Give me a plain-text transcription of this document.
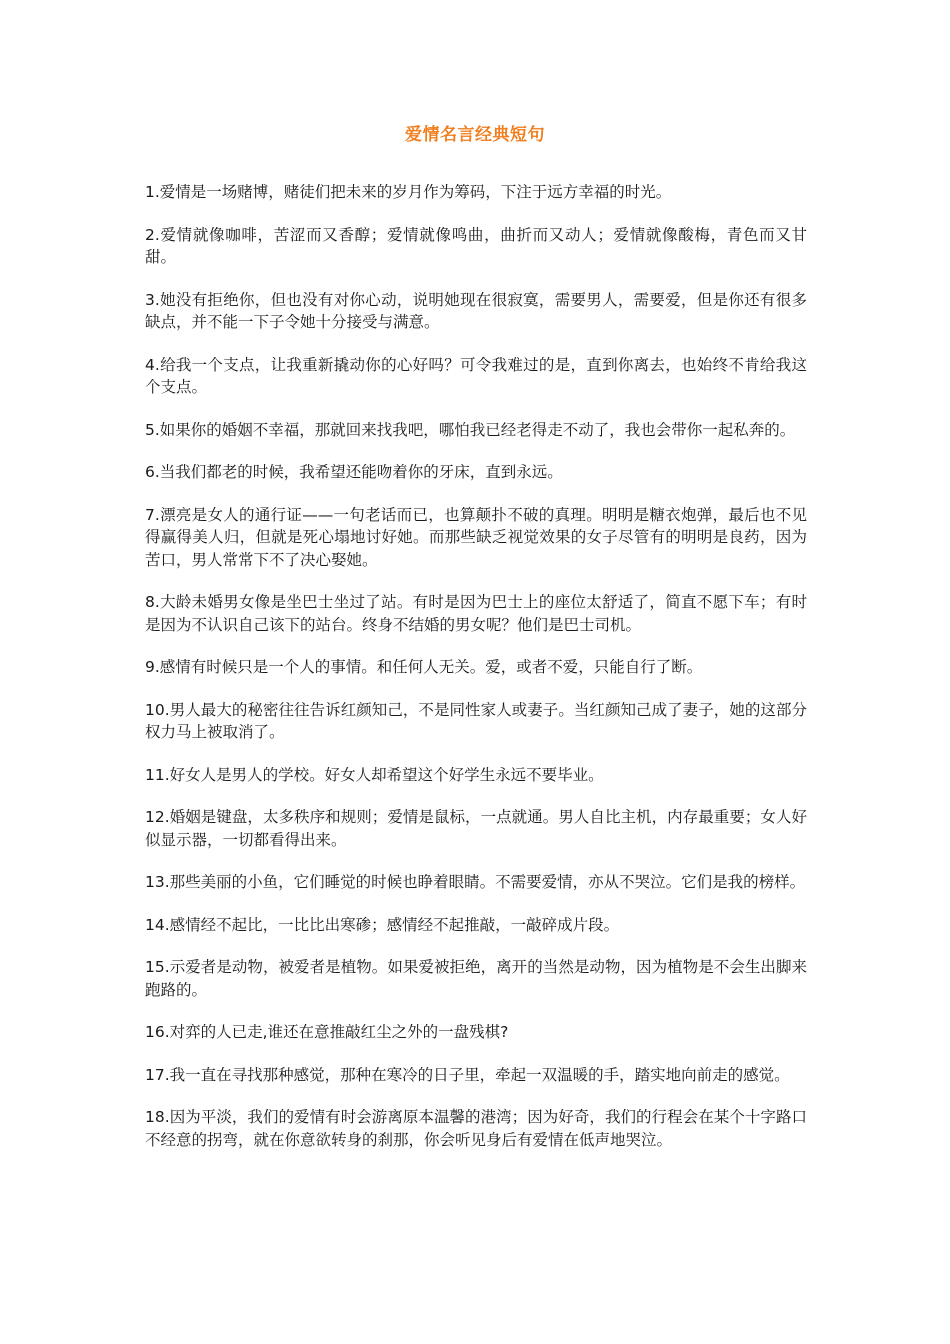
爱情名言经典短句
1.爱情是一场赌博，赌徒们把未来的岁月作为筹码，下注于远方幸福的时光。
2.爱情就像咖啡，苦涩而又香醇；爱情就像鸣曲，曲折而又动人；爱情就像酸梅，青色而又甘甜。
3.她没有拒绝你，但也没有对你心动，说明她现在很寂寞，需要男人，需要爱，但是你还有很多缺点，并不能一下子令她十分接受与满意。
4.给我一个支点，让我重新撬动你的心好吗？可令我难过的是，直到你离去，也始终不肯给我这个支点。
5.如果你的婚姻不幸福，那就回来找我吧，哪怕我已经老得走不动了，我也会带你一起私奔的。
6.当我们都老的时候，我希望还能吻着你的牙床，直到永远。
7.漂亮是女人的通行证——一句老话而已，也算颠扑不破的真理。明明是糖衣炮弹，最后也不见得赢得美人归，但就是死心塌地讨好她。而那些缺乏视觉效果的女子尽管有的明明是良药，因为苦口，男人常常下不了决心娶她。
8.大龄未婚男女像是坐巴士坐过了站。有时是因为巴士上的座位太舒适了，简直不愿下车；有时是因为不认识自己该下的站台。终身不结婚的男女呢？他们是巴士司机。
9.感情有时候只是一个人的事情。和任何人无关。爱，或者不爱，只能自行了断。
10.男人最大的秘密往往告诉红颜知己，不是同性家人或妻子。当红颜知己成了妻子，她的这部分权力马上被取消了。
11.好女人是男人的学校。好女人却希望这个好学生永远不要毕业。
12.婚姻是键盘，太多秩序和规则；爱情是鼠标，一点就通。男人自比主机，内存最重要；女人好似显示器，一切都看得出来。
13.那些美丽的小鱼，它们睡觉的时候也睁着眼睛。不需要爱情，亦从不哭泣。它们是我的榜样。
14.感情经不起比，一比比出寒碜；感情经不起推敲，一敲碎成片段。
15.示爱者是动物，被爱者是植物。如果爱被拒绝，离开的当然是动物，因为植物是不会生出脚来跑路的。
16.对弈的人已走,谁还在意推敲红尘之外的一盘残棋?
17.我一直在寻找那种感觉，那种在寒冷的日子里，牵起一双温暖的手，踏实地向前走的感觉。
18.因为平淡，我们的爱情有时会游离原本温馨的港湾；因为好奇，我们的行程会在某个十字路口不经意的拐弯，就在你意欲转身的刹那，你会听见身后有爱情在低声地哭泣。
